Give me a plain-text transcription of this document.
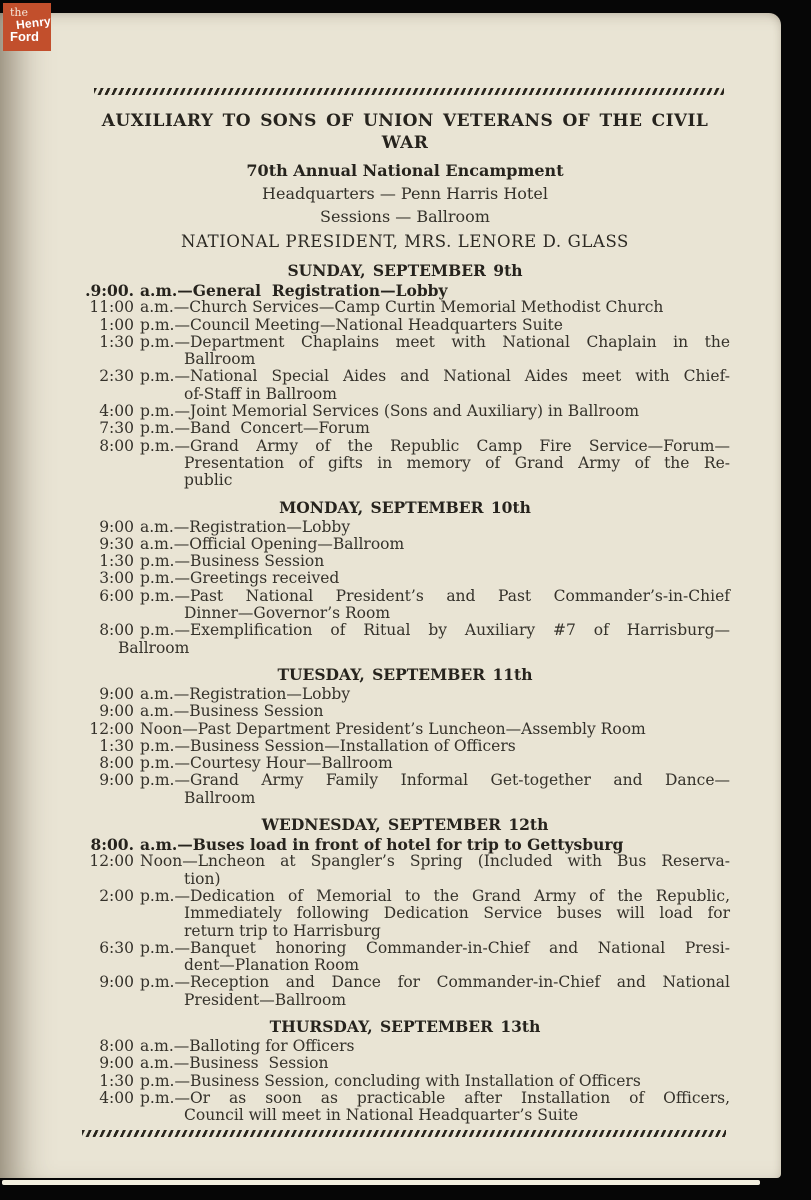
AUXILIARY TO SONS OF UNION VETERANS OF THE CIVIL WAR
70th Annual National Encampment
Headquarters — Penn Harris Hotel
Sessions — Ballroom
NATIONAL PRESIDENT, MRS. LENORE D. GLASS
SUNDAY, SEPTEMBER 9th
.9:00. a.m.—General  Registration—Lobby
11:00 a.m.—Church Services—Camp Curtin Memorial Methodist Church
1:00 p.m.—Council Meeting—National Headquarters Suite
1:30 p.m.—Department Chaplains meet with National Chaplain in the
Ballroom
2:30 p.m.—National Special Aides and National Aides meet with Chief-
of-Staff in Ballroom
4:00 p.m.—Joint Memorial Services (Sons and Auxiliary) in Ballroom
7:30 p.m.—Band  Concert—Forum
8:00 p.m.—Grand Army of the Republic Camp Fire Service—Forum—
Presentation of gifts in memory of Grand Army of the Re-
public
MONDAY, SEPTEMBER 10th
9:00 a.m.—Registration—Lobby
9:30 a.m.—Official Opening—Ballroom
1:30 p.m.—Business Session
3:00 p.m.—Greetings received
6:00 p.m.—Past National President’s and Past Commander’s-in-Chief
Dinner—Governor’s Room
8:00 p.m.—Exemplification of Ritual by Auxiliary #7 of Harrisburg—
Ballroom
TUESDAY, SEPTEMBER 11th
9:00 a.m.—Registration—Lobby
9:00 a.m.—Business Session
12:00 Noon—Past Department President’s Luncheon—Assembly Room
1:30 p.m.—Business Session—Installation of Officers
8:00 p.m.—Courtesy Hour—Ballroom
9:00 p.m.—Grand Army Family Informal Get-together and Dance—
Ballroom
WEDNESDAY, SEPTEMBER 12th
8:00. a.m.—Buses load in front of hotel for trip to Gettysburg
12:00 Noon—Lncheon at Spangler’s Spring (Included with Bus Reserva-
tion)
2:00 p.m.—Dedication of Memorial to the Grand Army of the Republic,
Immediately following Dedication Service buses will load for
return trip to Harrisburg
6:30 p.m.—Banquet honoring Commander-in-Chief and National Presi-
dent—Planation Room
9:00 p.m.—Reception and Dance for Commander-in-Chief and National
President—Ballroom
THURSDAY, SEPTEMBER 13th
8:00 a.m.—Balloting for Officers
9:00 a.m.—Business  Session
1:30 p.m.—Business Session, concluding with Installation of Officers
4:00 p.m.—Or as soon as practicable after Installation of Officers,
Council will meet in National Headquarter’s Suite
the
Henry
Ford
